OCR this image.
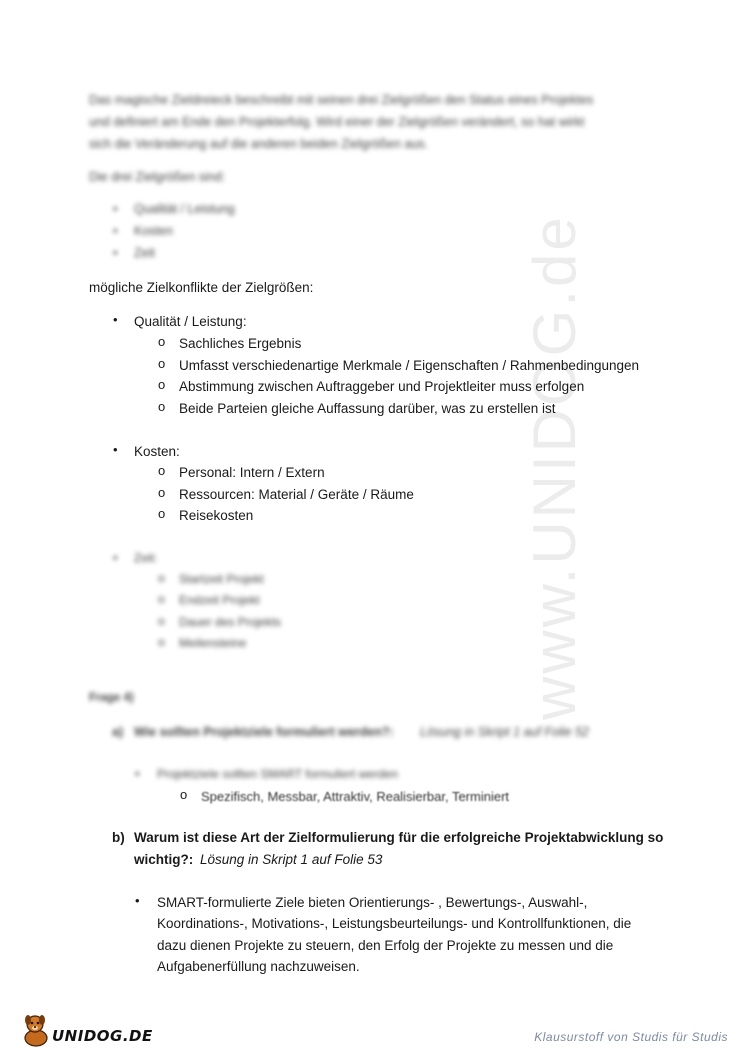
www.UNIDOG.de
Das magische Zieldreieck beschreibt mit seinen drei Zielgrößen den Status eines Projektes
und definiert am Ende den Projekterfolg. Wird einer der Zielgrößen verändert, so hat wirkt
sich die Veränderung auf die anderen beiden Zielgrößen aus.
Die drei Zielgrößen sind:
• Qualität / Leistung
• Kosten
• Zeit
mögliche Zielkonflikte der Zielgrößen:
• Qualität / Leistung:
o Sachliches Ergebnis
o Umfasst verschiedenartige Merkmale / Eigenschaften / Rahmenbedingungen
o Abstimmung zwischen Auftraggeber und Projektleiter muss erfolgen
o Beide Parteien gleiche Auffassung darüber, was zu erstellen ist
• Kosten:
o Personal: Intern / Extern
o Ressourcen: Material / Geräte / Räume
o Reisekosten
• Zeit:
o Startzeit Projekt
o Endzeit Projekt
o Dauer des Projekts
o Meilensteine
Frage 4)
a) Wie sollten Projektziele formuliert werden?: Lösung in Skript 1 auf Folie 52
• Projektziele sollten SMART formuliert werden
o Spezifisch, Messbar, Attraktiv, Realisierbar, Terminiert
b) Warum ist diese Art der Zielformulierung für die erfolgreiche Projektabwicklung so
wichtig?: Lösung in Skript 1 auf Folie 53
• SMART-formulierte Ziele bieten Orientierungs- , Bewertungs-, Auswahl-,
Koordinations-, Motivations-, Leistungsbeurteilungs- und Kontrollfunktionen, die
dazu dienen Projekte zu steuern, den Erfolg der Projekte zu messen und die
Aufgabenerfüllung nachzuweisen.
UNIDOG.DE	Klausurstoff von Studis für Studis
